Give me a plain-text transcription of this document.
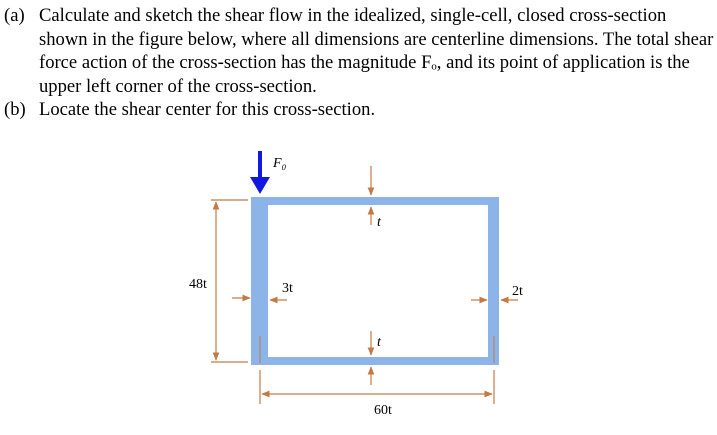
(a) Calculate and sketch the shear flow in the idealized, single-cell, closed cross-section shown in the figure below, where all dimensions are centerline dimensions. The total shear force action of the cross-section has the magnitude Fₒ, and its point of application is the upper left corner of the cross-section.
(b) Locate the shear center for this cross-section.
F₀
48t
60t
3t	2t
t
t
